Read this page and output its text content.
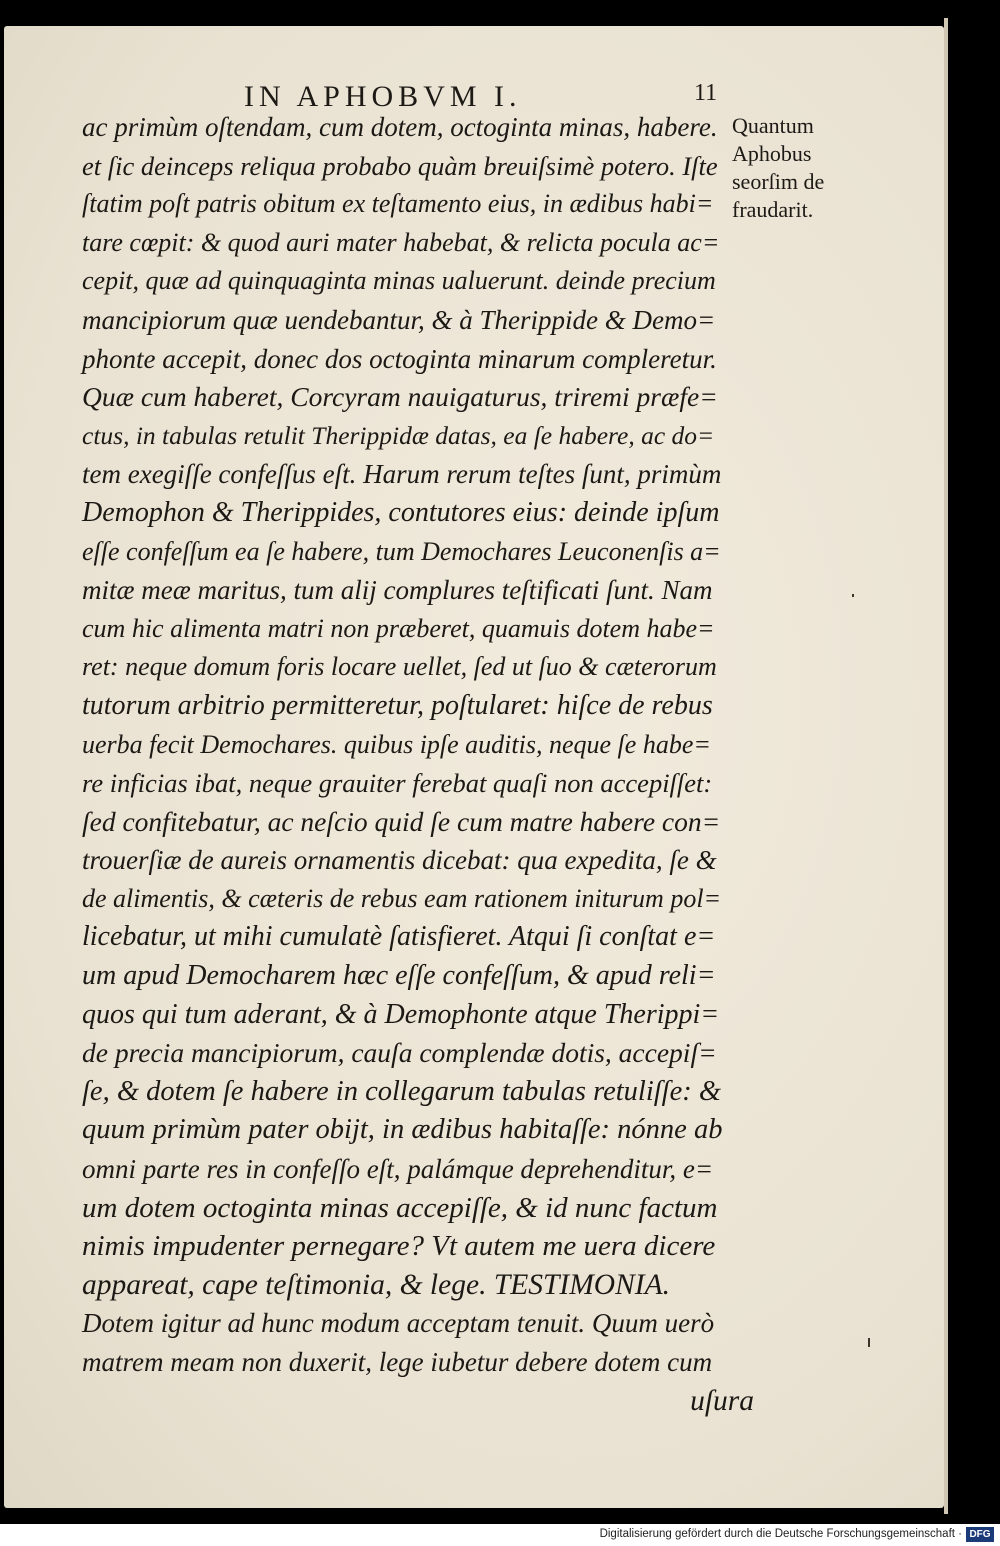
IN APHOBVM I.	11
Quantum
Aphobus
seorſim de
fraudarit.
ac primùm oſtendam, cum dotem, octoginta minas, habere.
et ſic deinceps reliqua probabo quàm breuiſsimè potero. Iſte
ſtatim poſt patris obitum ex teſtamento eius, in ædibus habi=
tare cœpit: & quod auri mater habebat, & relicta pocula ac=
cepit, quæ ad quinquaginta minas ualuerunt. deinde precium
mancipiorum quæ uendebantur, & à Therippide & Demo=
phonte accepit, donec dos octoginta minarum compleretur.
Quæ cum haberet, Corcyram nauigaturus, triremi præfe=
ctus, in tabulas retulit Therippidæ datas, ea ſe habere, ac do=
tem exegiſſe confeſſus eſt. Harum rerum teſtes ſunt, primùm
Demophon & Therippides, contutores eius: deinde ipſum
eſſe confeſſum ea ſe habere, tum Demochares Leuconenſis a=
mitæ meæ maritus, tum alij complures teſtificati ſunt. Nam
cum hic alimenta matri non præberet, quamuis dotem habe=
ret: neque domum foris locare uellet, ſed ut ſuo & cæterorum
tutorum arbitrio permitteretur, poſtularet: hiſce de rebus
uerba fecit Demochares. quibus ipſe auditis, neque ſe habe=
re inficias ibat, neque grauiter ferebat quaſi non accepiſſet:
ſed confitebatur, ac neſcio quid ſe cum matre habere con=
trouerſiæ de aureis ornamentis dicebat: qua expedita, ſe &
de alimentis, & cæteris de rebus eam rationem initurum pol=
licebatur, ut mihi cumulatè ſatisfieret. Atqui ſi conſtat e=
um apud Democharem hæc eſſe confeſſum, & apud reli=
quos qui tum aderant, & à Demophonte atque Therippi=
de precia mancipiorum, cauſa complendæ dotis, accepiſ=
ſe, & dotem ſe habere in collegarum tabulas retuliſſe: &
quum primùm pater obijt, in ædibus habitaſſe: nónne ab
omni parte res in confeſſo eſt, palámque deprehenditur, e=
um dotem octoginta minas accepiſſe, & id nunc factum
nimis impudenter pernegare? Vt autem me uera dicere
appareat, cape teſtimonia, & lege. TESTIMONIA.
Dotem igitur ad hunc modum acceptam tenuit. Quum uerò
matrem meam non duxerit, lege iubetur debere dotem cum
uſura
Digitalisierung gefördert durch die Deutsche Forschungsgemeinschaft · DFG
